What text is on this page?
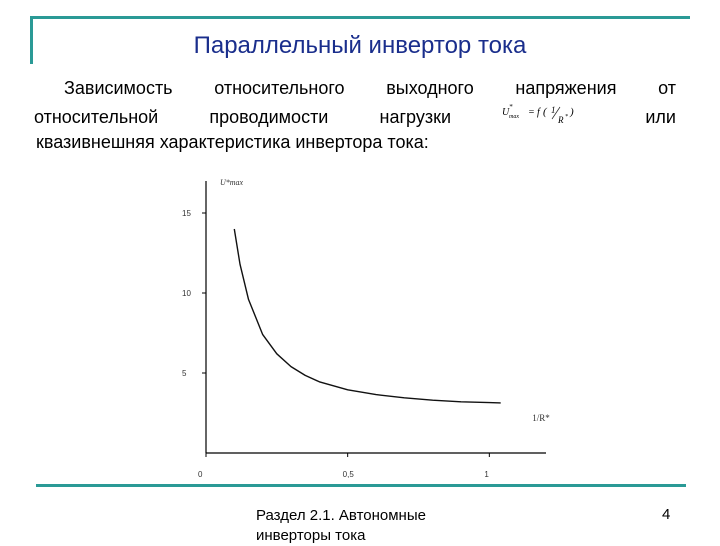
Параллельный инвертор тока
Зависимость относительного выходного напряжения от
относительной	проводимости	нагрузки	U *
max = f ( 1
R * )	или
квазивнешняя характеристика инвертора тока:
5
10
15
0	0,5	1
U*max
1/R*
Раздел 2.1. Автономные инверторы тока
4
